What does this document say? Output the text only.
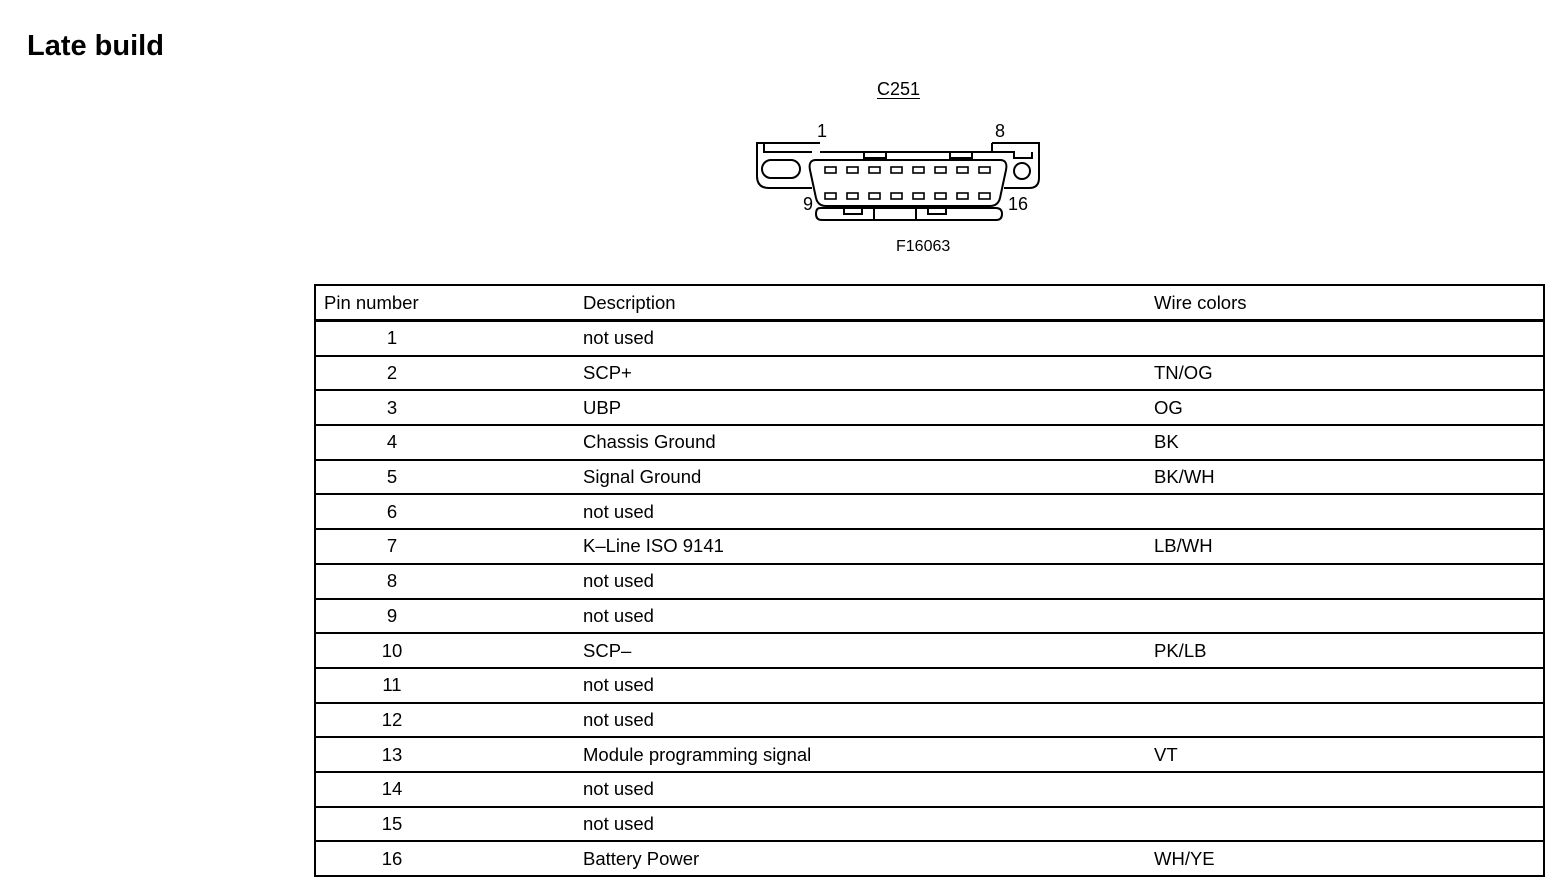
Late build
C251
1	8
9	16
F16063
Pin number	Description	Wire colors
1	not used	
2	SCP+	TN/OG
3	UBP	OG
4	Chassis Ground	BK
5	Signal Ground	BK/WH
6	not used	
7	K–Line ISO 9141	LB/WH
8	not used	
9	not used	
10	SCP–	PK/LB
11	not used	
12	not used	
13	Module programming signal	VT
14	not used	
15	not used	
16	Battery Power	WH/YE
